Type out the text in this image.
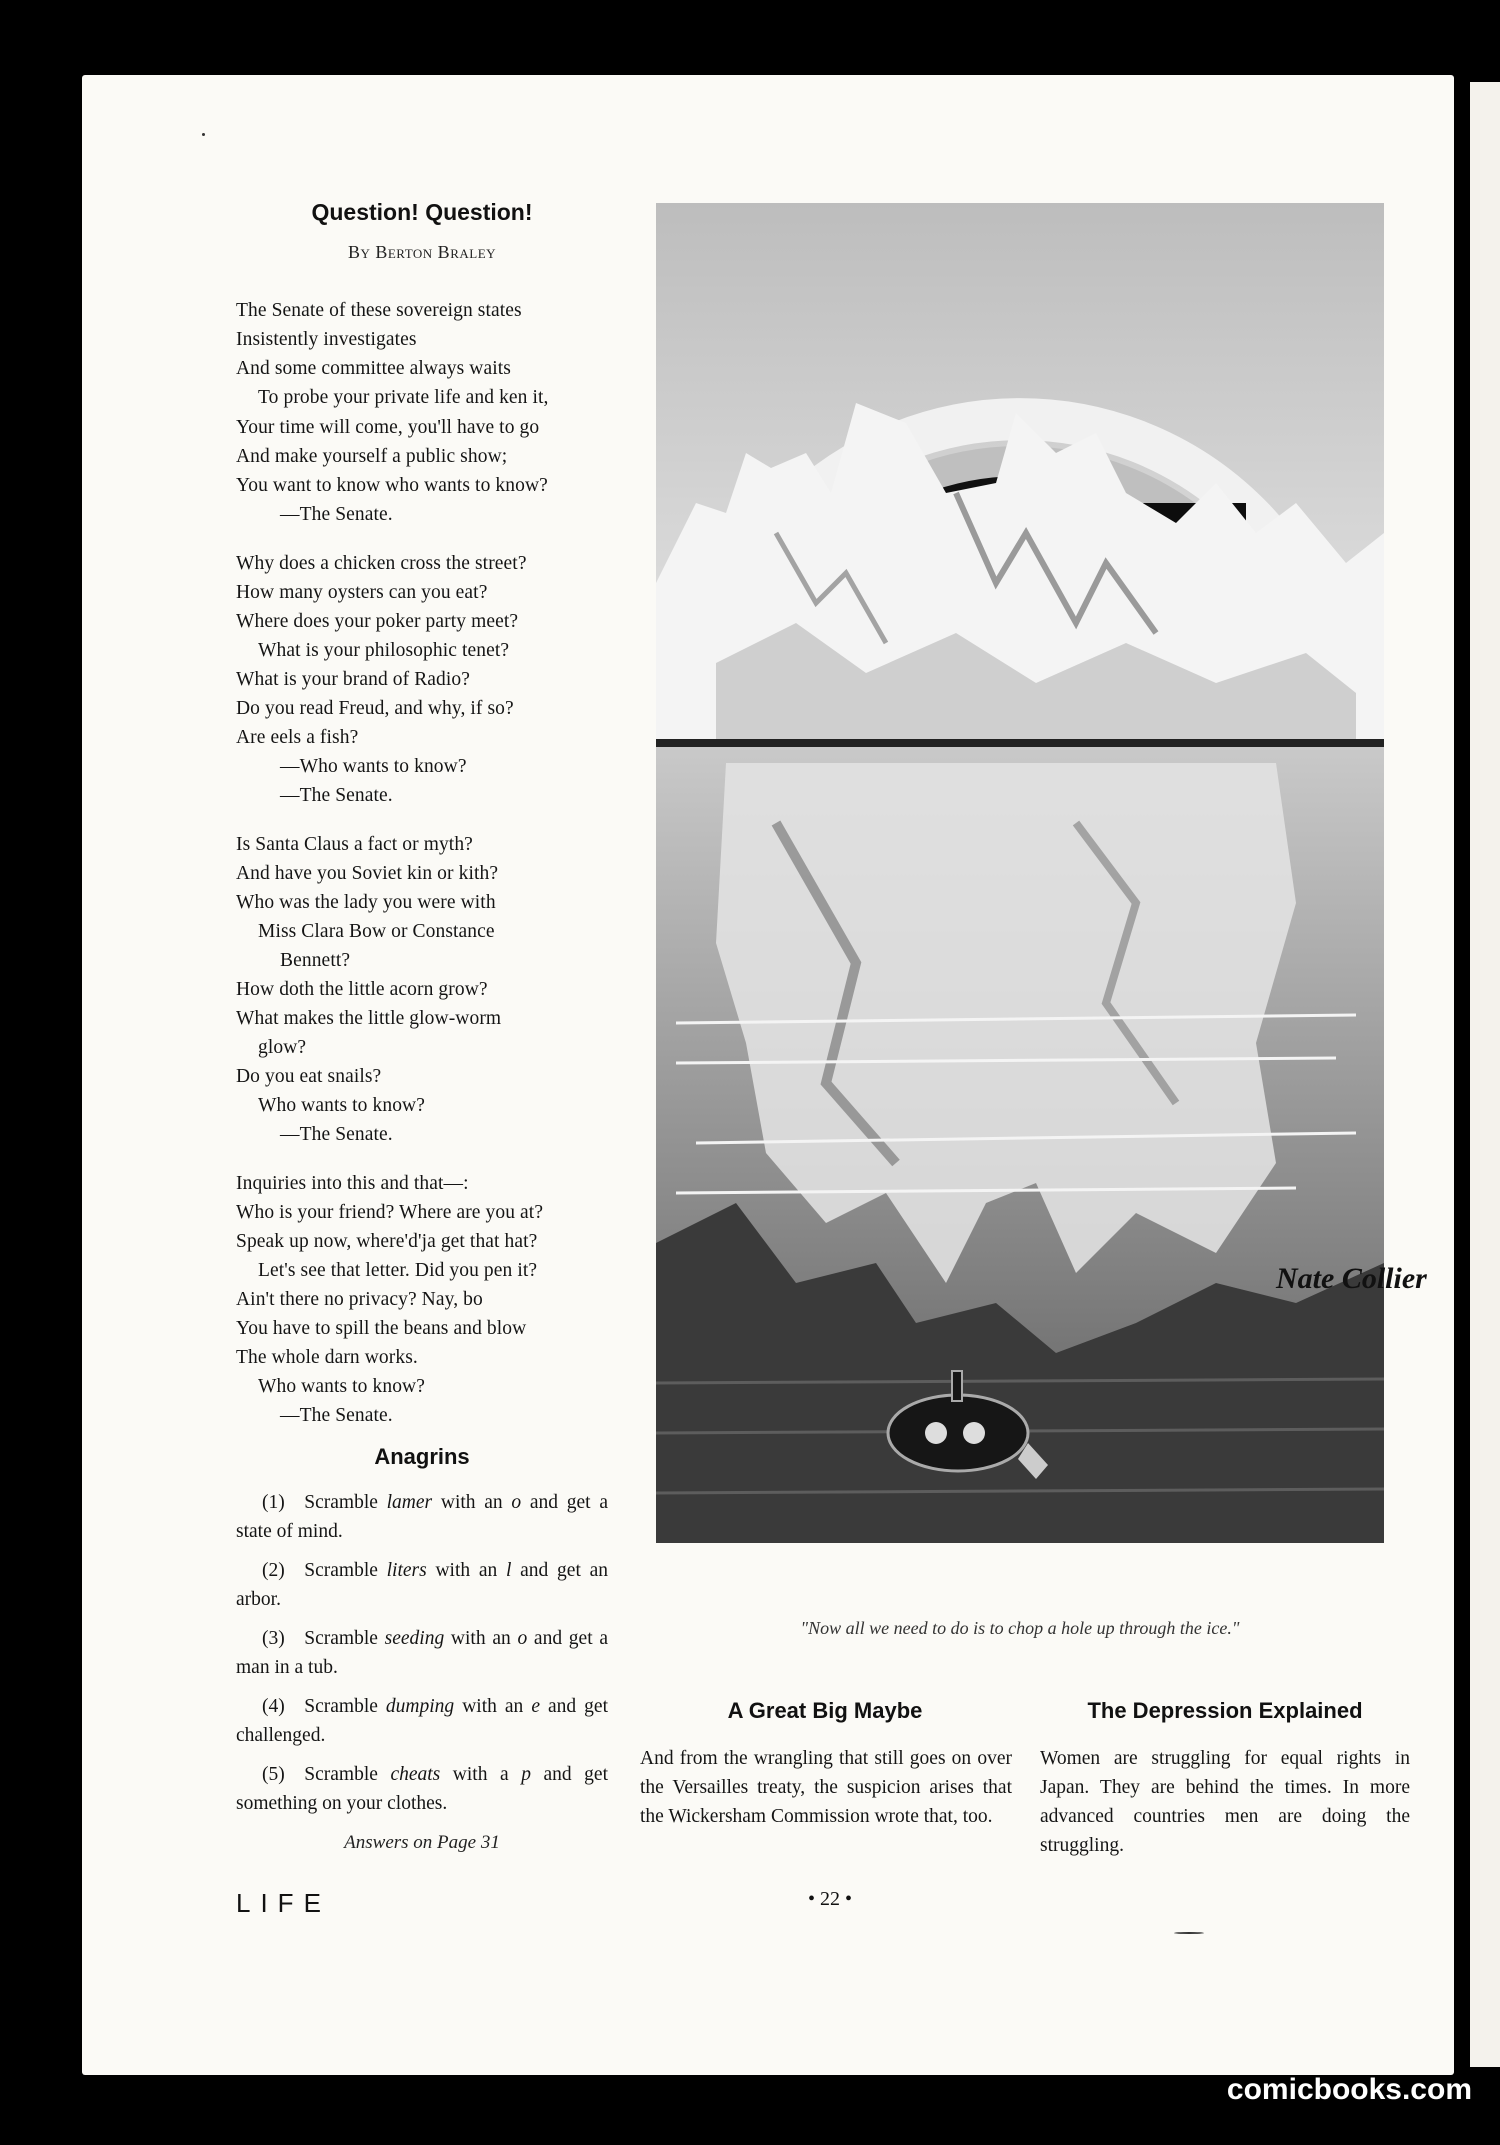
Question! Question!
By Berton Braley
The Senate of these sovereign states
Insistently investigates
And some committee always waits
To probe your private life and ken it,
Your time will come, you'll have to go
And make yourself a public show;
You want to know who wants to know?
—The Senate.
Why does a chicken cross the street?
How many oysters can you eat?
Where does your poker party meet?
What is your philosophic tenet?
What is your brand of Radio?
Do you read Freud, and why, if so?
Are eels a fish?
—Who wants to know?
—The Senate.
Is Santa Claus a fact or myth?
And have you Soviet kin or kith?
Who was the lady you were with
Miss Clara Bow or Constance
Bennett?
How doth the little acorn grow?
What makes the little glow-worm
glow?
Do you eat snails?
Who wants to know?
—The Senate.
Inquiries into this and that—:
Who is your friend? Where are you at?
Speak up now, where'd'ja get that hat?
Let's see that letter. Did you pen it?
Ain't there no privacy? Nay, bo
You have to spill the beans and blow
The whole darn works.
Who wants to know?
—The Senate.
Anagrins
(1)  Scramble lamer with an o and get a state of mind.
(2)  Scramble liters with an l and get an arbor.
(3)  Scramble seeding with an o and get a man in a tub.
(4)  Scramble dumping with an e and get challenged.
(5)  Scramble cheats with a p and get something on your clothes.
Answers on Page 31
Nate Collier
"Now all we need to do is to chop a hole up through the ice."
A Great Big Maybe
And from the wrangling that still goes on over the Versailles treaty, the suspicion arises that the Wickersham Commission wrote that, too.
The Depression Explained
Women are struggling for equal rights in Japan. They are behind the times. In more advanced countries men are doing the struggling.
LIFE	• 22 •
comicbooks.com
